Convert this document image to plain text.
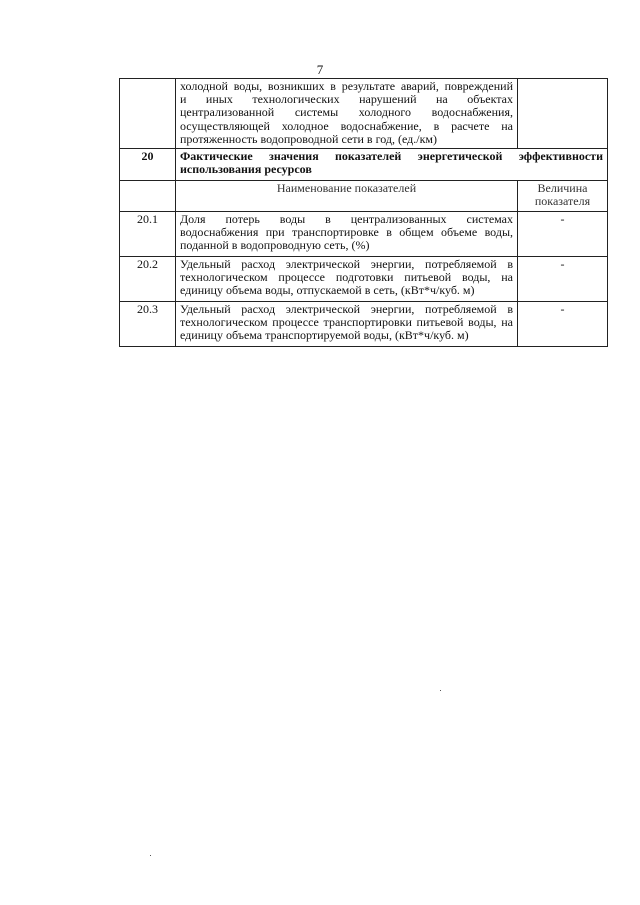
7

	холодной воды, возникших в результате аварий, повреждений
и иных технологических нарушений на объектах
централизованной системы холодного водоснабжения,
осуществляющей холодное водоснабжение, в расчете на
протяженность водопроводной сети в год, (ед./км)	

20	Фактические значения показателей энергетической эффективности
использования ресурсов	

	Наименование показателей	Величина
показателя

20.1	Доля потерь воды в централизованных системах
водоснабжения при транспортировке в общем объеме воды,
поданной в водопроводную сеть, (%)	-
20.2	Удельный расход электрической энергии, потребляемой в
технологическом процессе подготовки питьевой воды, на
единицу объема воды, отпускаемой в сеть, (кВт*ч/куб. м)	-
20.3	Удельный расход электрической энергии, потребляемой в
технологическом процессе транспортировки питьевой воды, на
единицу объема транспортируемой воды, (кВт*ч/куб. м)	-
